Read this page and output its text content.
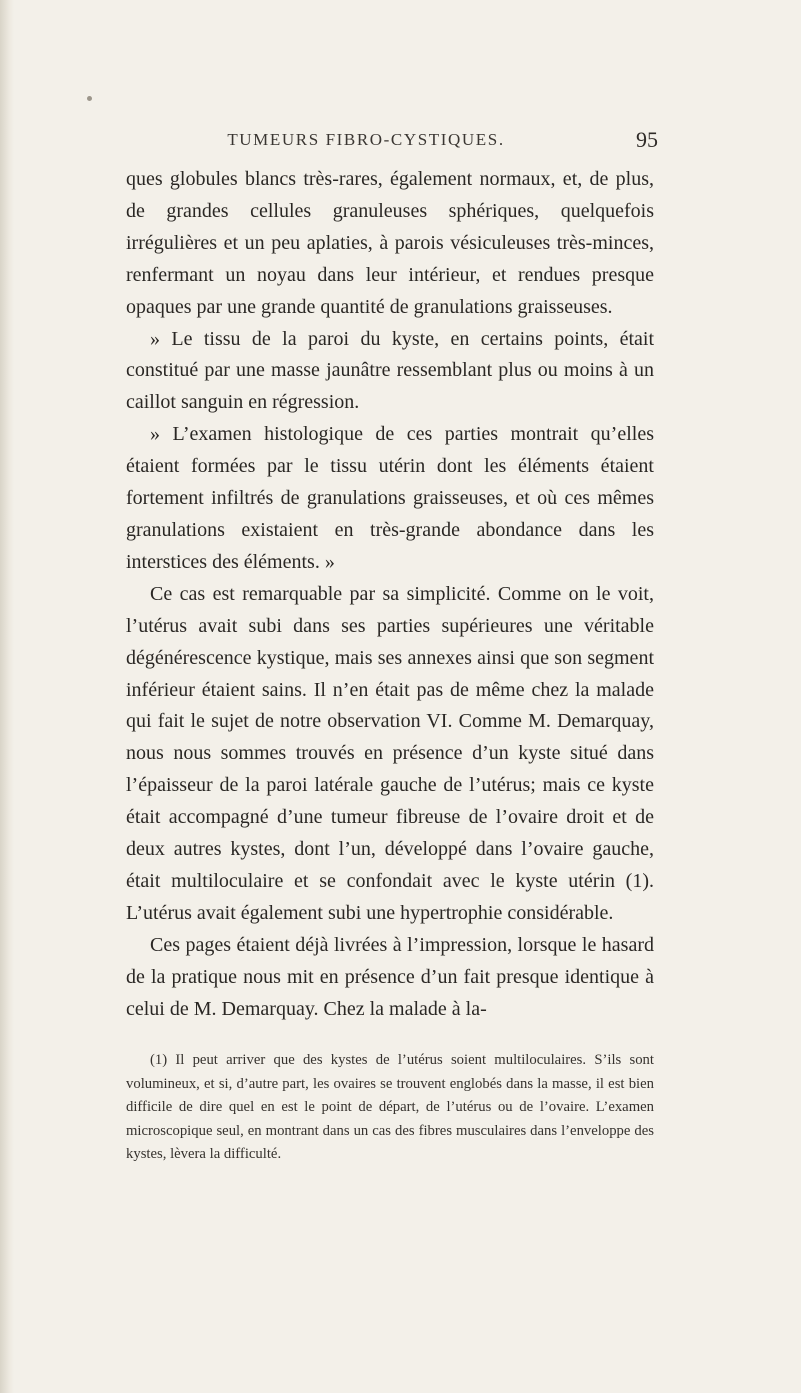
TUMEURS FIBRO-CYSTIQUES.	95

ques globules blancs très-rares, également normaux, et, de plus, de grandes cellules granuleuses sphériques, quelquefois irrégulières et un peu aplaties, à parois vésiculeuses très-minces, renfermant un noyau dans leur intérieur, et rendues presque opaques par une grande quantité de granulations graisseuses.

» Le tissu de la paroi du kyste, en certains points, était constitué par une masse jaunâtre ressemblant plus ou moins à un caillot sanguin en régression.

» L’examen histologique de ces parties montrait qu’elles étaient formées par le tissu utérin dont les éléments étaient fortement infiltrés de granulations graisseuses, et où ces mêmes granulations existaient en très-grande abondance dans les interstices des éléments. »

Ce cas est remarquable par sa simplicité. Comme on le voit, l’utérus avait subi dans ses parties supérieures une véritable dégénérescence kystique, mais ses annexes ainsi que son segment inférieur étaient sains. Il n’en était pas de même chez la malade qui fait le sujet de notre observation VI. Comme M. Demarquay, nous nous sommes trouvés en présence d’un kyste situé dans l’épaisseur de la paroi latérale gauche de l’utérus; mais ce kyste était accompagné d’une tumeur fibreuse de l’ovaire droit et de deux autres kystes, dont l’un, développé dans l’ovaire gauche, était multiloculaire et se confondait avec le kyste utérin (1). L’utérus avait également subi une hypertrophie considérable.

Ces pages étaient déjà livrées à l’impression, lorsque le hasard de la pratique nous mit en présence d’un fait presque identique à celui de M. Demarquay. Chez la malade à la-

(1) Il peut arriver que des kystes de l’utérus soient multiloculaires. S’ils sont volumineux, et si, d’autre part, les ovaires se trouvent englobés dans la masse, il est bien difficile de dire quel en est le point de départ, de l’utérus ou de l’ovaire. L’examen microscopique seul, en montrant dans un cas des fibres musculaires dans l’enveloppe des kystes, lèvera la difficulté.
